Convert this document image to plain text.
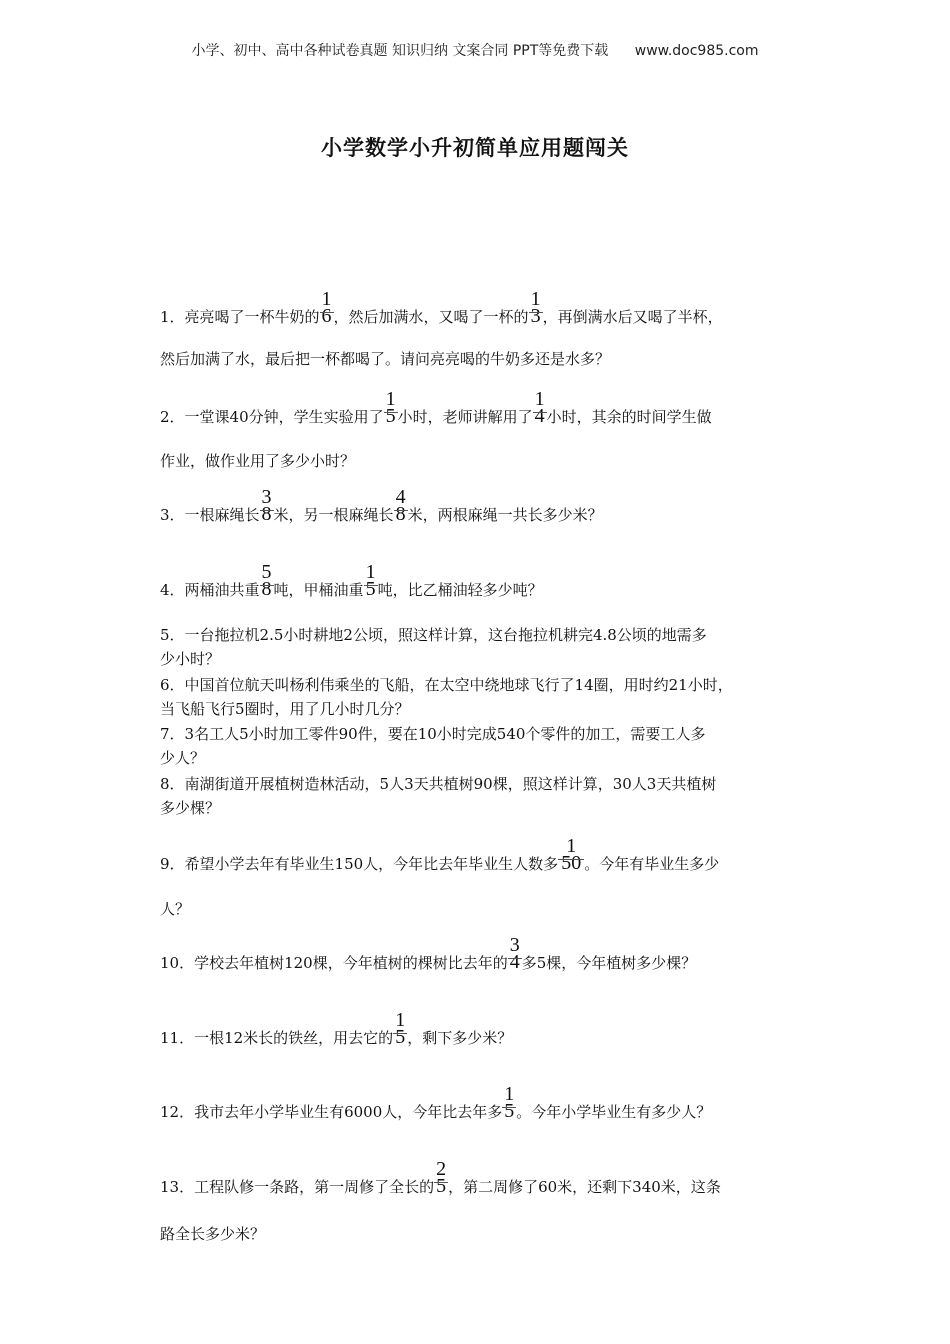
小学、初中、高中各种试卷真题 知识归纳 文案合同 PPT等免费下载 www.doc985.com
小学数学小升初简单应用题闯关
1．亮亮喝了一杯牛奶的
1
6 ，然后加满水，又喝了一杯的
1
3 ，再倒满水后又喝了半杯，
然后加满了水，最后把一杯都喝了。请问亮亮喝的牛奶多还是水多？
2．一堂课40分钟，学生实验用了
1
5 小时，老师讲解用了
1
4 小时，其余的时间学生做
作业，做作业用了多少小时？
3．一根麻绳长
3
8 米，另一根麻绳长
4
8 米，两根麻绳一共长多少米？
4．两桶油共重
5
8 吨，甲桶油重
1
5 吨，比乙桶油轻多少吨？
5．一台拖拉机2.5小时耕地2公顷，照这样计算，这台拖拉机耕完4.8公顷的地需多
少小时？
6．中国首位航天叫杨利伟乘坐的飞船，在太空中绕地球飞行了14圈，用时约21小时，
当飞船飞行5圈时，用了几小时几分？
7．3名工人5小时加工零件90件，要在10小时完成540个零件的加工，需要工人多
少人？
8．南湖街道开展植树造林活动，5人3天共植树90棵，照这样计算，30人3天共植树
多少棵？
9．希望小学去年有毕业生150人，今年比去年毕业生人数多
1
50 。今年有毕业生多少
人？
10．学校去年植树120棵，今年植树的棵树比去年的
3
4 多5棵，今年植树多少棵？
11．一根12米长的铁丝，用去它的
1
5 ，剩下多少米？
12．我市去年小学毕业生有6000人，今年比去年多
1
5 。今年小学毕业生有多少人？
13．工程队修一条路，第一周修了全长的
2
5 ，第二周修了60米，还剩下340米，这条
路全长多少米？
